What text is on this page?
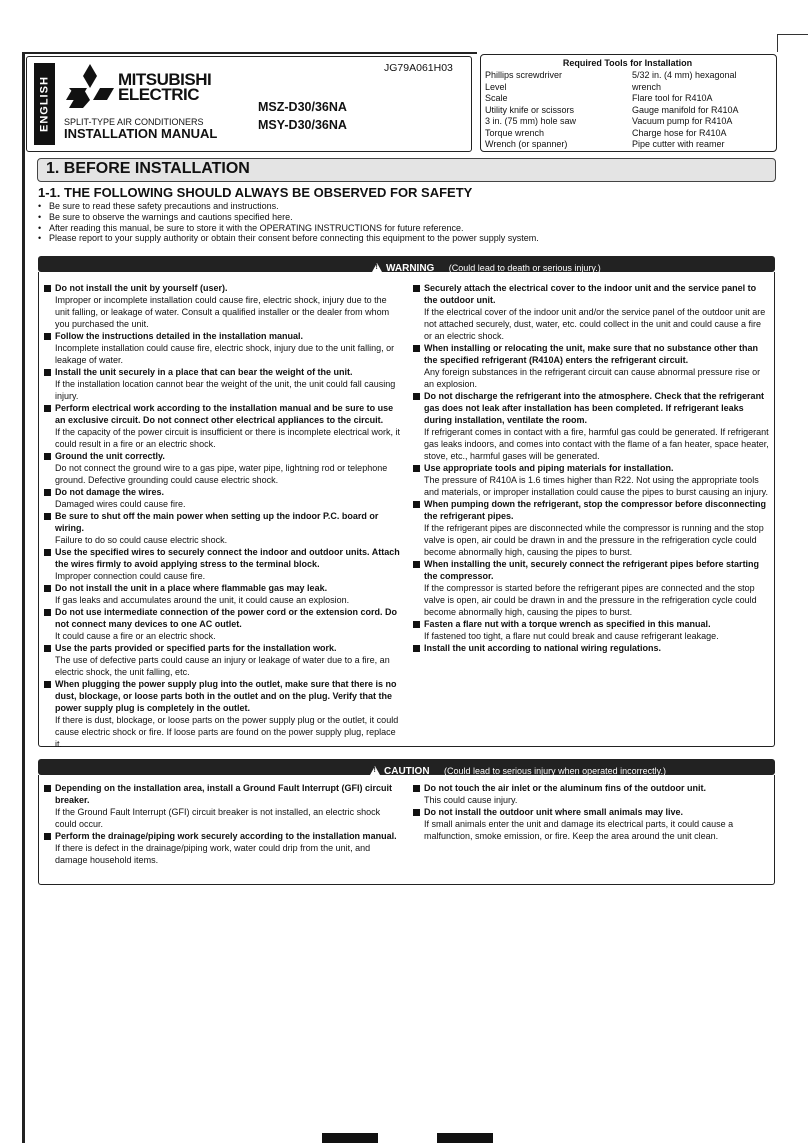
ENGLISH	MITSUBISHI
ELECTRIC
JG79A061H03
SPLIT-TYPE AIR CONDITIONERS
INSTALLATION MANUAL
MSZ-D30/36NA
MSY-D30/36NA
Required Tools for Installation
Phillips screwdriver
Level
Scale
Utility knife or scissors
3 in. (75 mm) hole saw
Torque wrench
Wrench (or spanner)
5/32 in. (4 mm) hexagonal
wrench
Flare tool for R410A
Gauge manifold for R410A
Vacuum pump for R410A
Charge hose for R410A
Pipe cutter with reamer
1. BEFORE INSTALLATION
1-1. THE FOLLOWING SHOULD ALWAYS BE OBSERVED FOR SAFETY
• Be sure to read these safety precautions and instructions.
• Be sure to observe the warnings and cautions specified here.
• After reading this manual, be sure to store it with the OPERATING INSTRUCTIONS for future reference.
• Please report to your supply authority or obtain their consent before connecting this equipment to the power supply system.
!WARNING (Could lead to death or serious injury.)
Do not install the unit by yourself (user).
Improper or incomplete installation could cause fire, electric shock, injury due to the unit falling, or leakage of water. Consult a qualified installer or the dealer from whom you purchased the unit.
Follow the instructions detailed in the installation manual.
Incomplete installation could cause fire, electric shock, injury due to the unit falling, or leakage of water.
Install the unit securely in a place that can bear the weight of the unit.
If the installation location cannot bear the weight of the unit, the unit could fall causing injury.
Perform electrical work according to the installation manual and be sure to use an exclusive circuit. Do not connect other electrical appliances to the circuit.
If the capacity of the power circuit is insufficient or there is incomplete electrical work, it could result in a fire or an electric shock.
Ground the unit correctly.
Do not connect the ground wire to a gas pipe, water pipe, lightning rod or telephone ground. Defective grounding could cause electric shock.
Do not damage the wires.
Damaged wires could cause fire.
Be sure to shut off the main power when setting up the indoor P.C. board or wiring.
Failure to do so could cause electric shock.
Use the specified wires to securely connect the indoor and outdoor units. Attach the wires firmly to avoid applying stress to the terminal block.
Improper connection could cause fire.
Do not install the unit in a place where flammable gas may leak.
If gas leaks and accumulates around the unit, it could cause an explosion.
Do not use intermediate connection of the power cord or the extension cord. Do not connect many devices to one AC outlet.
It could cause a fire or an electric shock.
Use the parts provided or specified parts for the installation work.
The use of defective parts could cause an injury or leakage of water due to a fire, an electric shock, the unit falling, etc.
When plugging the power supply plug into the outlet, make sure that there is no dust, blockage, or loose parts both in the outlet and on the plug. Verify that the power supply plug is completely in the outlet.
If there is dust, blockage, or loose parts on the power supply plug or the outlet, it could cause electric shock or fire. If loose parts are found on the power supply plug, replace it.
Securely attach the electrical cover to the indoor unit and the service panel to the outdoor unit.
If the electrical cover of the indoor unit and/or the service panel of the outdoor unit are not attached securely, dust, water, etc. could collect in the unit and could cause a fire or an electric shock.
When installing or relocating the unit, make sure that no substance other than the specified refrigerant (R410A) enters the refrigerant circuit.
Any foreign substances in the refrigerant circuit can cause abnormal pressure rise or an explosion.
Do not discharge the refrigerant into the atmosphere. Check that the refrigerant gas does not leak after installation has been completed. If refrigerant leaks during installation, ventilate the room.
If refrigerant comes in contact with a fire, harmful gas could be generated. If refrigerant gas leaks indoors, and comes into contact with the flame of a fan heater, space heater, stove, etc., harmful gases will be generated.
Use appropriate tools and piping materials for installation.
The pressure of R410A is 1.6 times higher than R22. Not using the appropriate tools and materials, or improper installation could cause the pipes to burst causing an injury.
When pumping down the refrigerant, stop the compressor before disconnecting the refrigerant pipes.
If the refrigerant pipes are disconnected while the compressor is running and the stop valve is open, air could be drawn in and the pressure in the refrigeration cycle could become abnormally high, causing the pipes to burst.
When installing the unit, securely connect the refrigerant pipes before starting the compressor.
If the compressor is started before the refrigerant pipes are connected and the stop valve is open, air could be drawn in and the pressure in the refrigeration cycle could become abnormally high, causing the pipes to burst.
Fasten a flare nut with a torque wrench as specified in this manual.
If fastened too tight, a flare nut could break and cause refrigerant leakage.
Install the unit according to national wiring regulations.
!CAUTION (Could lead to serious injury when operated incorrectly.)
Depending on the installation area, install a Ground Fault Interrupt (GFI) circuit breaker.
If the Ground Fault Interrupt (GFI) circuit breaker is not installed, an electric shock could occur.
Perform the drainage/piping work securely according to the installation manual.
If there is defect in the drainage/piping work, water could drip from the unit, and damage household items.
Do not touch the air inlet or the aluminum fins of the outdoor unit.
This could cause injury.
Do not install the outdoor unit where small animals may live.
If small animals enter the unit and damage its electrical parts, it could cause a malfunction, smoke emission, or fire. Keep the area around the unit clean.
